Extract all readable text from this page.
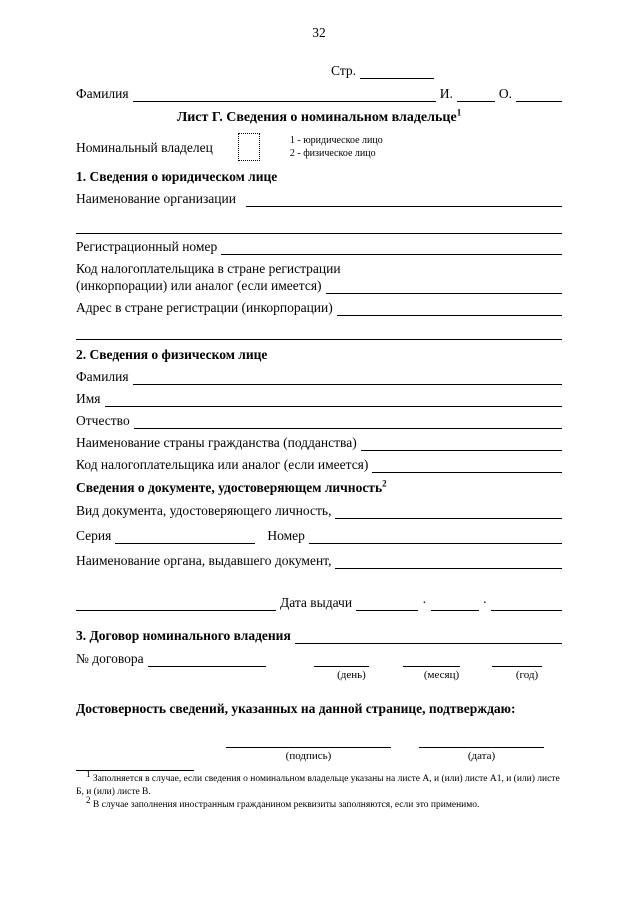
32
Стр.
Фамилия	И.	О.
Лист Г. Сведения о номинальном владельце$^1$
Номинальный владелец	1 - юридическое лицо
2 - физическое лицо
1. Сведения о юридическом лице
Наименование организации
Регистрационный номер
Код налогоплательщика в стране регистрации
(инкорпорации) или аналог (если имеется)
Адрес в стране регистрации (инкорпорации)
2. Сведения о физическом лице
Фамилия
Имя
Отчество
Наименование страны гражданства (подданства)
Код налогоплательщика или аналог (если имеется)
Сведения о документе, удостоверяющем личность$^2$
Вид документа, удостоверяющего личность,
Серия	Номер
Наименование органа, выдавшего документ,
Дата выдачи	·	·
3. Договор номинального владения
№ договора
(день)	(месяц)	(год)
Достоверность сведений, указанных на данной странице, подтверждаю:
(подпись)	(дата)
$^1$ Заполняется в случае, если сведения о номинальном владельце указаны на листе А, и (или) листе А1, и (или) листе Б, и (или) листе В.
$^2$ В случае заполнения иностранным гражданином реквизиты заполняются, если это применимо.
